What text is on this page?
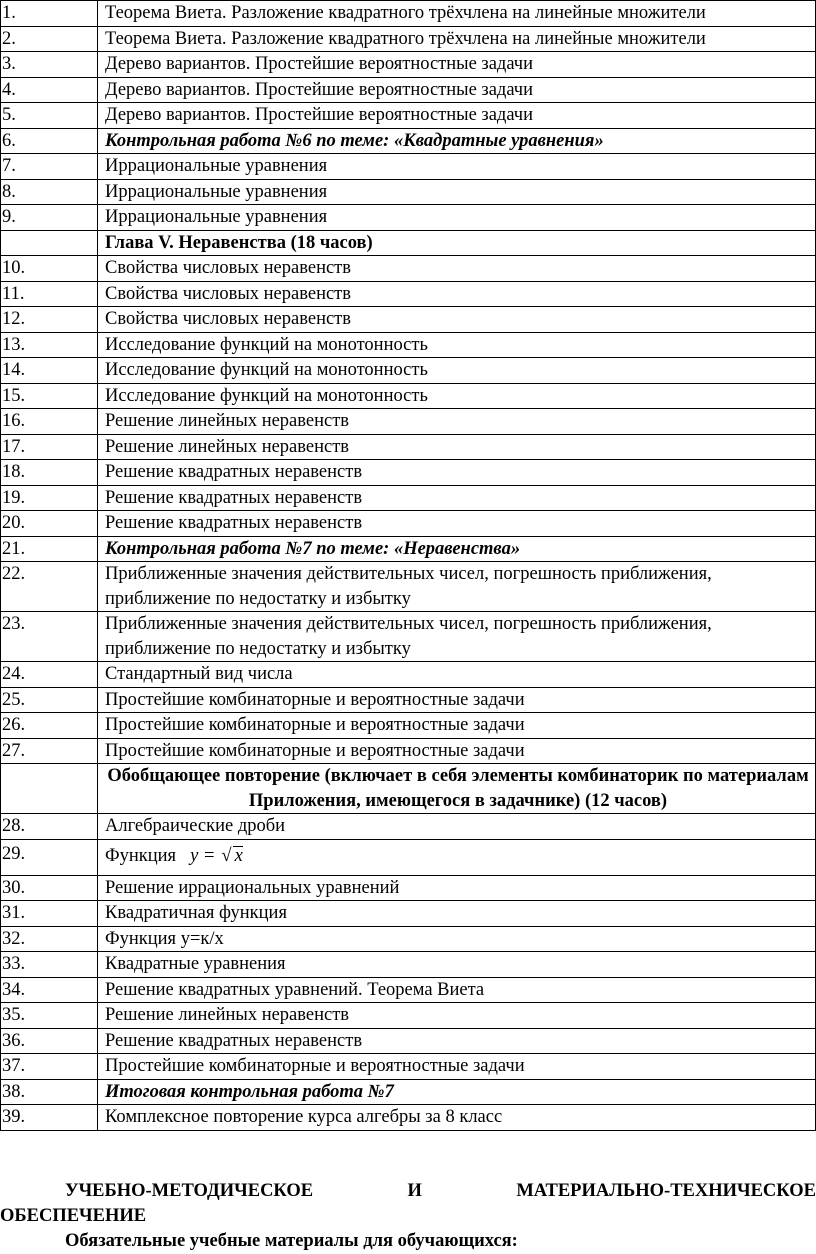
1.	Теорема Виета. Разложение квадратного трёхчлена на линейные множители
2.	Теорема Виета. Разложение квадратного трёхчлена на линейные множители
3.	Дерево вариантов. Простейшие вероятностные задачи
4.	Дерево вариантов. Простейшие вероятностные задачи
5.	Дерево вариантов. Простейшие вероятностные задачи
6.	Контрольная работа №6 по теме: «Квадратные уравнения»
7.	Иррациональные уравнения
8.	Иррациональные уравнения
9.	Иррациональные уравнения
	Глава V. Неравенства (18 часов)
10.	Свойства числовых неравенств
11.	Свойства числовых неравенств
12.	Свойства числовых неравенств
13.	Исследование функций на монотонность
14.	Исследование функций на монотонность
15.	Исследование функций на монотонность
16.	Решение линейных неравенств
17.	Решение линейных неравенств
18.	Решение квадратных неравенств
19.	Решение квадратных неравенств
20.	Решение квадратных неравенств
21.	Контрольная работа №7 по теме: «Неравенства»
22.	Приближенные значения действительных чисел, погрешность приближения, приближение по недостатку и избытку
23.	Приближенные значения действительных чисел, погрешность приближения, приближение по недостатку и избытку
24.	Стандартный вид числа
25.	Простейшие комбинаторные и вероятностные задачи
26.	Простейшие комбинаторные и вероятностные задачи
27.	Простейшие комбинаторные и вероятностные задачи
	Обобщающее повторение (включает в себя элементы комбинаторик по материалам Приложения, имеющегося в задачнике) (12 часов)
28.	Алгебраические дроби
29.	Функция y = √ x
30.	Решение иррациональных уравнений
31.	Квадратичная функция
32.	Функция y=к/x
33.	Квадратные уравнения
34.	Решение квадратных уравнений. Теорема Виета
35.	Решение линейных неравенств
36.	Решение квадратных неравенств
37.	Простейшие комбинаторные и вероятностные задачи
38.	Итоговая контрольная работа №7
39.	Комплексное повторение курса алгебры за 8 класс
УЧЕБНО-МЕТОДИЧЕСКОЕ	И	МАТЕРИАЛЬНО-ТЕХНИЧЕСКОЕ
ОБЕСПЕЧЕНИЕ
Обязательные учебные материалы для обучающихся:
